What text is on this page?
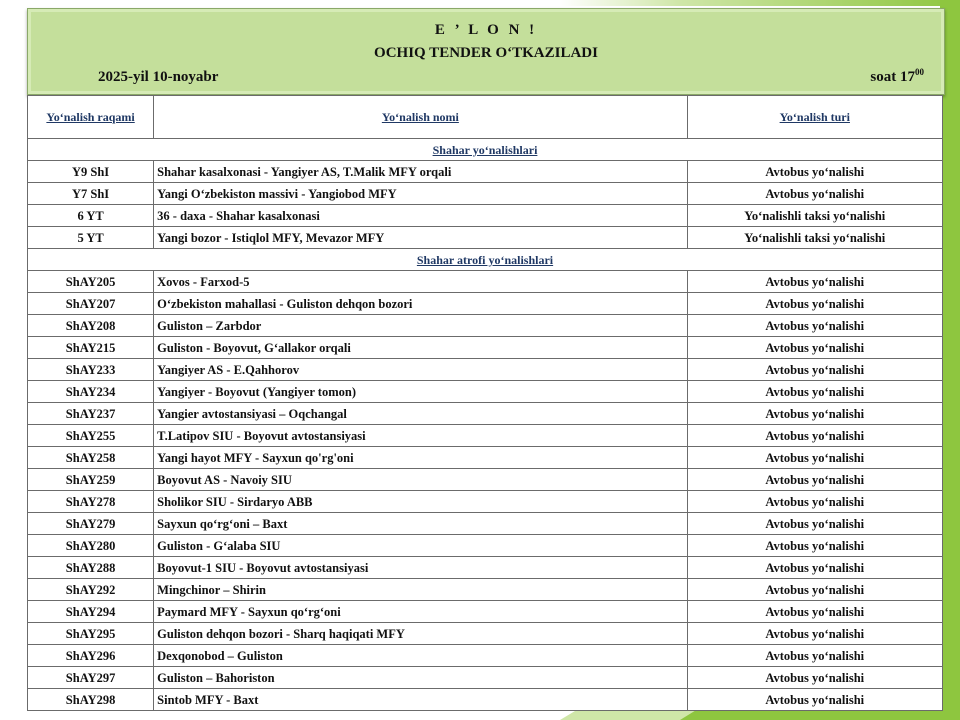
E ’ L O N !
OCHIQ TENDER O‘TKAZILADI
2025-yil 10-noyabr	soat $17^{00}$
Yo‘nalish raqami	Yo‘nalish nomi	Yo‘nalish turi
Shahar yo‘nalishlari		
Y9 ShI	Shahar kasalxonasi - Yangiyer AS, T.Malik MFY orqali	Avtobus yo‘nalishi
Y7 ShI	Yangi O‘zbekiston massivi - Yangiobod MFY	Avtobus yo‘nalishi
6 YT	36 - daxa - Shahar kasalxonasi	Yo‘nalishli taksi yo‘nalishi
5 YT	Yangi bozor - Istiqlol MFY, Mevazor MFY	Yo‘nalishli taksi yo‘nalishi
Shahar atrofi yo‘nalishlari		
ShAY205	Xovos - Farxod-5	Avtobus yo‘nalishi
ShAY207	O‘zbekiston mahallasi - Guliston dehqon bozori	Avtobus yo‘nalishi
ShAY208	Guliston – Zarbdor	Avtobus yo‘nalishi
ShAY215	Guliston - Boyovut, G‘allakor orqali	Avtobus yo‘nalishi
ShAY233	Yangiyer AS - E.Qahhorov	Avtobus yo‘nalishi
ShAY234	Yangiyer - Boyovut (Yangiyer tomon)	Avtobus yo‘nalishi
ShAY237	Yangier avtostansiyasi – Oqchangal	Avtobus yo‘nalishi
ShAY255	T.Latipov SIU - Boyovut avtostansiyasi	Avtobus yo‘nalishi
ShAY258	Yangi hayot MFY - Sayxun qo'rg'oni	Avtobus yo‘nalishi
ShAY259	Boyovut AS - Navoiy SIU	Avtobus yo‘nalishi
ShAY278	Sholikor SIU - Sirdaryo ABB	Avtobus yo‘nalishi
ShAY279	Sayxun qo‘rg‘oni – Baxt	Avtobus yo‘nalishi
ShAY280	Guliston - G‘alaba SIU	Avtobus yo‘nalishi
ShAY288	Boyovut-1 SIU - Boyovut avtostansiyasi	Avtobus yo‘nalishi
ShAY292	Mingchinor – Shirin	Avtobus yo‘nalishi
ShAY294	Paymard MFY - Sayxun qo‘rg‘oni	Avtobus yo‘nalishi
ShAY295	Guliston dehqon bozori - Sharq haqiqati MFY	Avtobus yo‘nalishi
ShAY296	Dexqonobod – Guliston	Avtobus yo‘nalishi
ShAY297	Guliston – Bahoriston	Avtobus yo‘nalishi
ShAY298	Sintob MFY - Baxt	Avtobus yo‘nalishi
